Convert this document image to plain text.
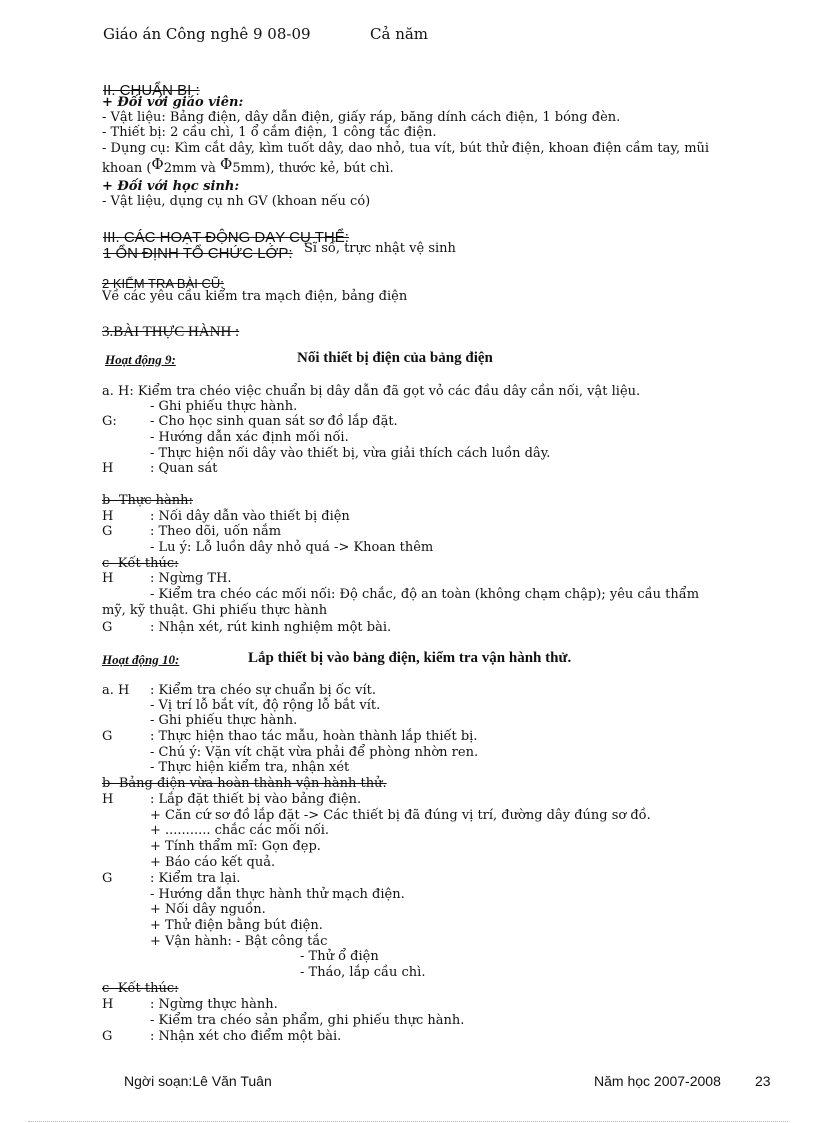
Giáo án Công nghê 9 08-09	Cả năm
II. CHUẨN BỊ :
+ Đối với giáo viên:
- Vật liệu: Bảng điện, dây dẫn điện, giấy ráp, băng dính cách điện, 1 bóng đèn.
- Thiết bị: 2 cầu chì, 1 ổ cắm điện, 1 công tắc điện.
- Dụng cụ: Kìm cắt dây, kìm tuốt dây, dao nhỏ, tua vít, bút thử điện, khoan điện cầm tay, mũi
khoan (Φ2mm và Φ5mm), thước kẻ, bút chì.
+ Đối với học sinh:
- Vật liệu, dụng cụ nh GV (khoan nếu có)
III. CÁC HOẠT ĐỘNG DẠY CỤ THỂ:
1 ỔN ĐỊNH TỔ CHỨC LỚP: Sĩ số, trực nhật vệ sinh
2 KIỂM TRA BÀI CŨ:
Về các yêu cầu kiểm tra mạch điện, bảng điện
3.BÀI THỰC HÀNH :
Hoạt động 9:	Nối thiết bị điện của bảng điện
a. H: Kiểm tra chéo việc chuẩn bị dây dẫn đã gọt vỏ các đầu dây cần nối, vật liệu.
- Ghi phiếu thực hành.
G:	- Cho học sinh quan sát sơ đồ lắp đặt.
- Hướng dẫn xác định mối nối.
- Thực hiện nối dây vào thiết bị, vừa giải thích cách luồn dây.
H	: Quan sát
b- Thực hành:
H	: Nối dây dẫn vào thiết bị điện
G	: Theo dõi, uốn nắm
- Lu ý: Lỗ luồn dây nhỏ quá -> Khoan thêm
c- Kết thúc:
H	: Ngừng TH.
- Kiểm tra chéo các mối nối: Độ chắc, độ an toàn (không chạm chập); yêu cầu thẩm
mỹ, kỹ thuật. Ghi phiếu thực hành
G	: Nhận xét, rút kinh nghiệm một bài.
Hoạt động 10:	Lắp thiết bị vào bảng điện, kiểm tra vận hành thử.
a. H : Kiểm tra chéo sự chuẩn bị ốc vít.
- Vị trí lỗ bắt vít, độ rộng lỗ bắt vít.
- Ghi phiếu thực hành.
G	: Thực hiện thao tác mẫu, hoàn thành lắp thiết bị.
- Chú ý: Vặn vít chặt vừa phải để phòng nhờn ren.
- Thực hiện kiểm tra, nhận xét
b- Bảng điện vừa hoàn thành vận hành thử.
H	: Lắp đặt thiết bị vào bảng điện.
+ Căn cứ sơ đồ lắp đặt -> Các thiết bị đã đúng vị trí, đường dây đúng sơ đồ.
+ ........... chắc các mối nối.
+ Tính thẩm mĩ: Gọn đẹp.
+ Báo cáo kết quả.
G	: Kiểm tra lại.
- Hướng dẫn thực hành thử mạch điện.
+ Nối dây nguồn.
+ Thử điện bằng bút điện.
+ Vận hành: - Bật công tắc
- Thử ổ điện
- Tháo, lắp cầu chì.
c- Kết thúc:
H	: Ngừng thực hành.
- Kiểm tra chéo sản phẩm, ghi phiếu thực hành.
G	: Nhận xét cho điểm một bài.
Ngời soạn:Lê Văn Tuân	Năm học 2007-2008 23
